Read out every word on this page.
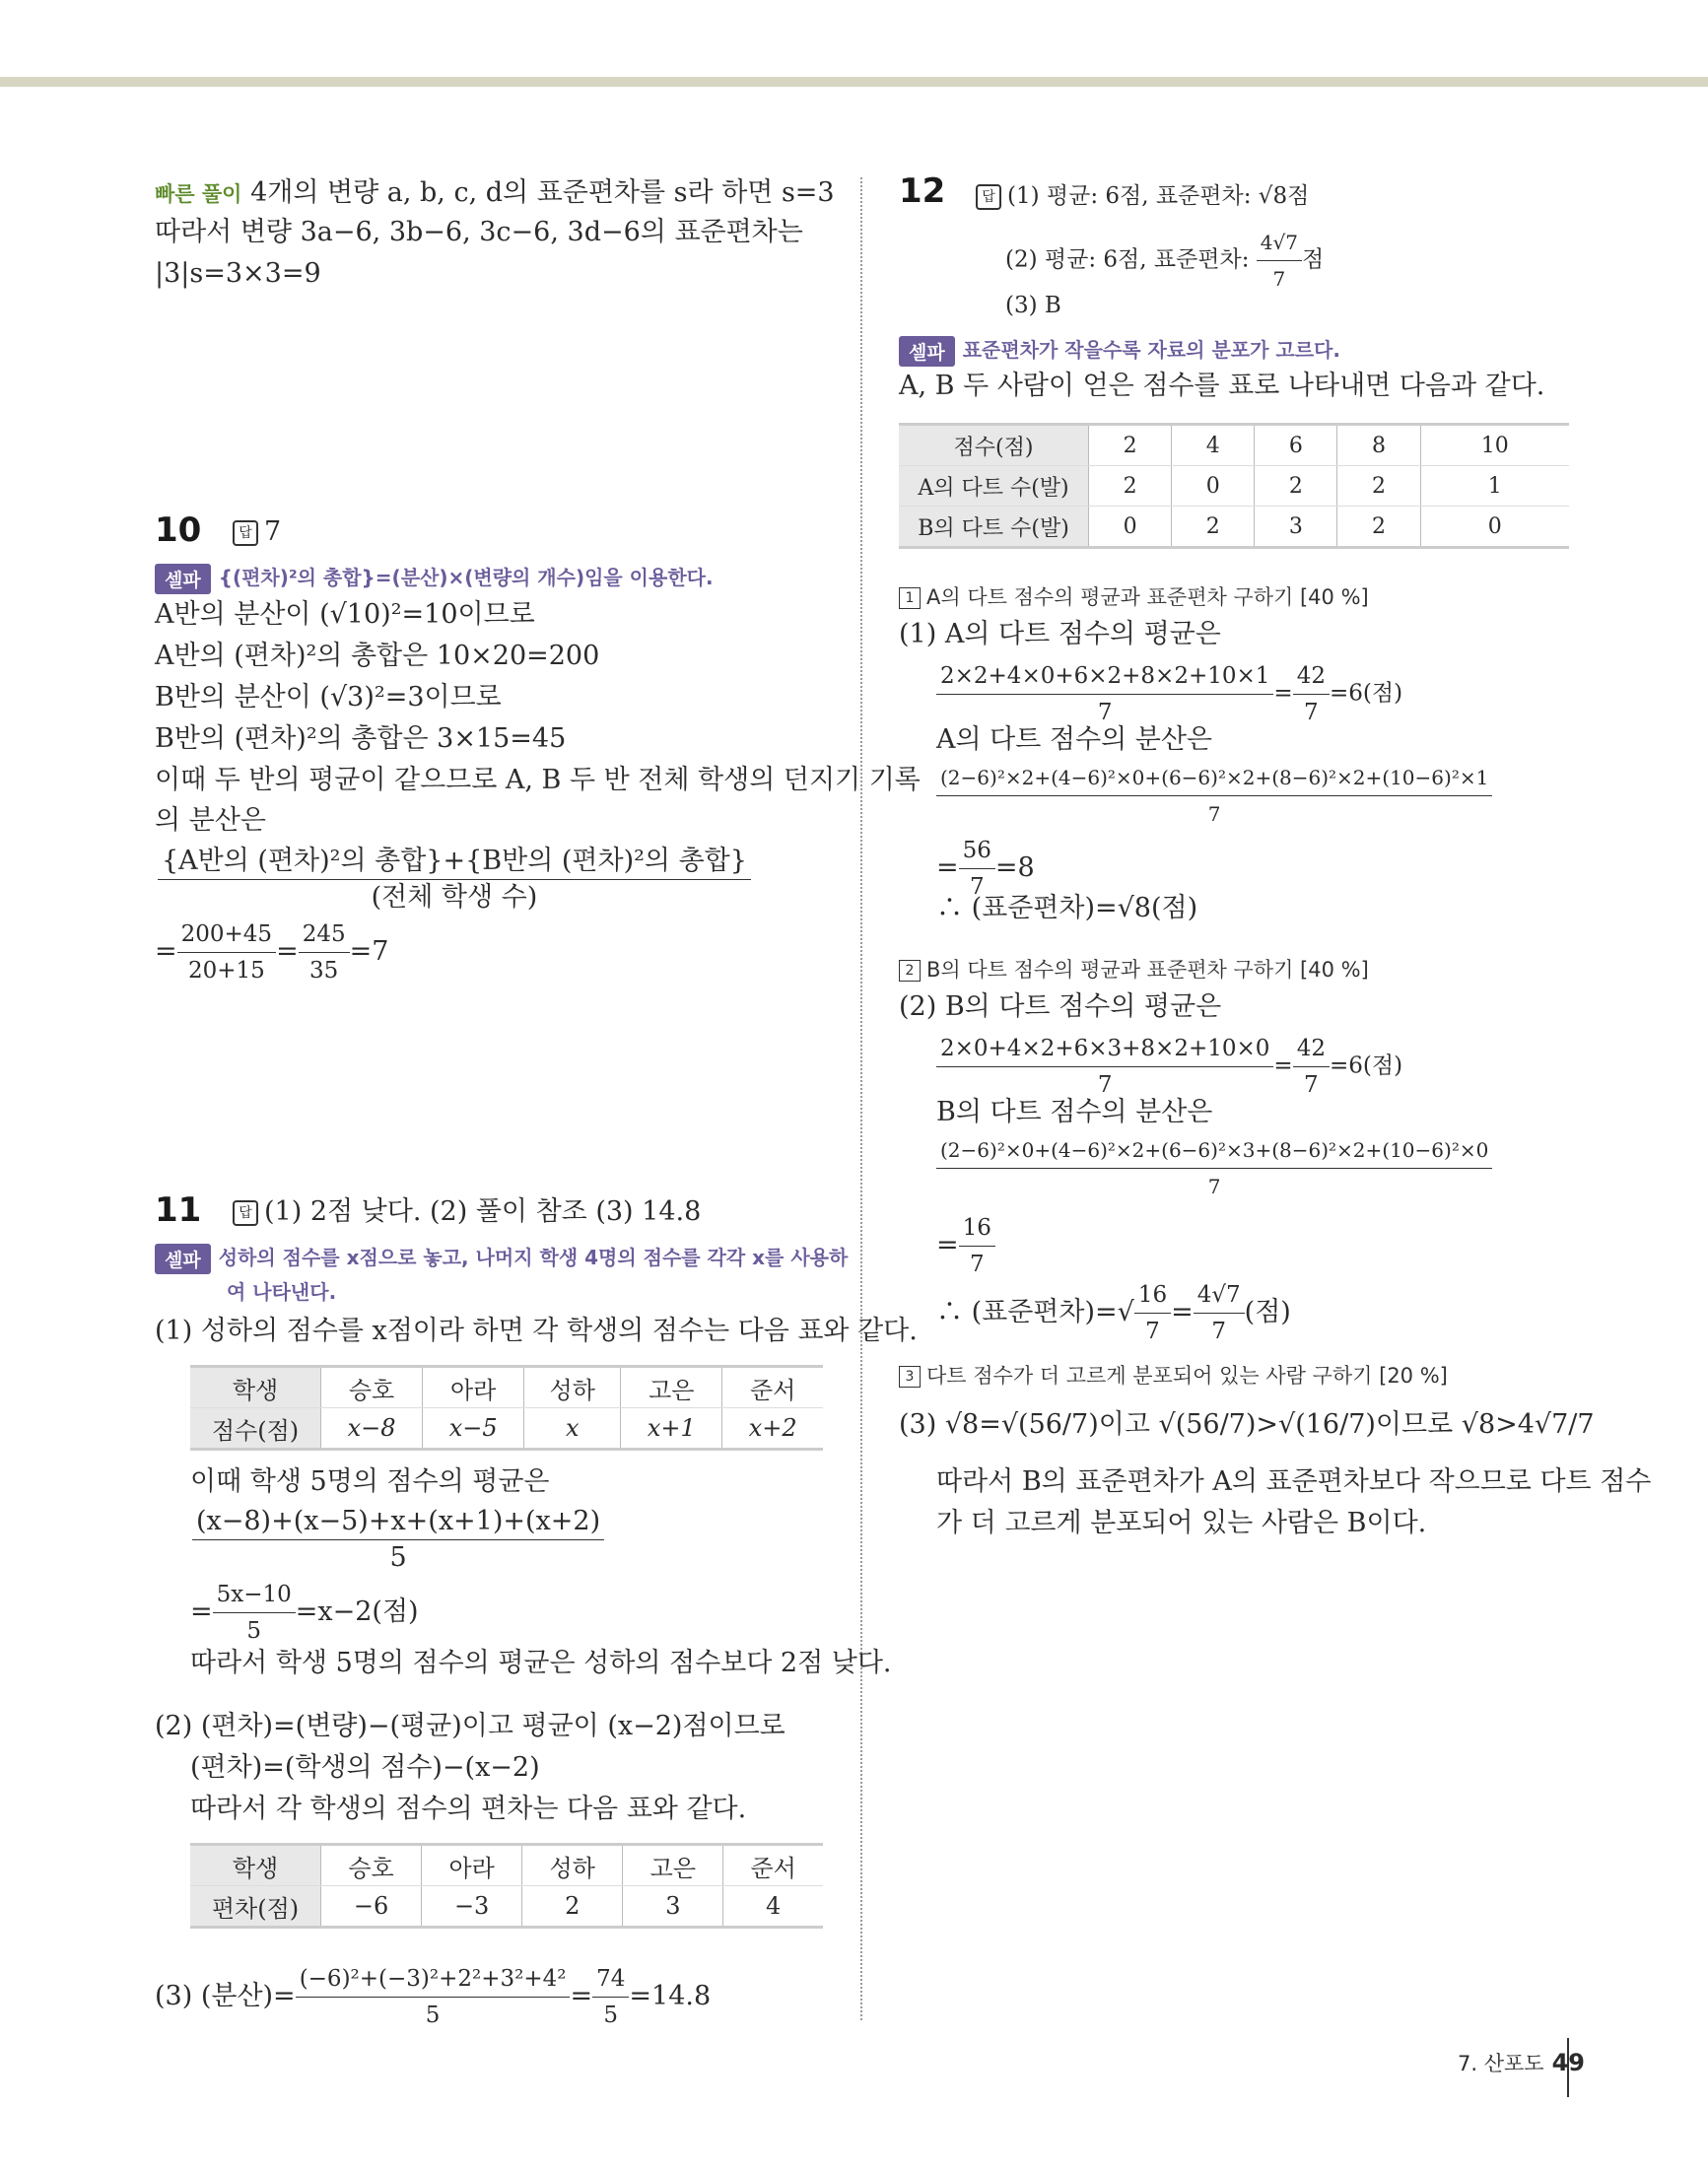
빠른 풀이 4개의 변량 a, b, c, d의 표준편차를 s라 하면 s=3
따라서 변량 3a−6, 3b−6, 3c−6, 3d−6의 표준편차는
|3|s=3×3=9
10	답 7
셀파 {(편차)²의 총합}=(분산)×(변량의 개수)임을 이용한다.
A반의 분산이 (√10)²=10이므로
A반의 (편차)²의 총합은 10×20=200
B반의 분산이 (√3)²=3이므로
B반의 (편차)²의 총합은 3×15=45
이때 두 반의 평균이 같으므로 A, B 두 반 전체 학생의 던지기 기록
의 분산은
$\frac{\text{\{A반의 (편차)²의 총합\}+\{B반의 (편차)²의 총합\}}}{\text{(전체 학생 수)}}$
= $\frac{200+45}{20+15} = \frac{245}{35} =7$
11	답 (1) 2점 낮다. (2) 풀이 참조 (3) 14.8
셀파 성하의 점수를 x점으로 놓고, 나머지 학생 4명의 점수를 각각 x를 사용하
여 나타낸다.
(1) 성하의 점수를 x점이라 하면 각 학생의 점수는 다음 표와 같다.
학생	승호	아라	성하	고은	준서
점수(점)	x−8	x−5	x	x+1	x+2
이때 학생 5명의 점수의 평균은
$\frac{(x-8)+(x-5)+x+(x+1)+(x+2)}{5}$
= $\frac{5x-10}{5} =x-2$(점)
따라서 학생 5명의 점수의 평균은 성하의 점수보다 2점 낮다.
(2) (편차)=(변량)−(평균)이고 평균이 (x−2)점이므로
(편차)=(학생의 점수)−(x−2)
따라서 각 학생의 점수의 편차는 다음 표와 같다.
학생	승호	아라	성하	고은	준서
편차(점)	−6	−3	2	3	4
(3) (분산)= $\frac{\text{(−6)²+(−3)²+2²+3²+4²}}{5} = \frac{74}{5} =14.8$
12	답 (1) 평균: 6점, 표준편차: √8점
(2) 평균: 6점, 표준편차: $\frac{4√7}{7}$ 점
(3) B
셀파 표준편차가 작을수록 자료의 분포가 고르다.
A, B 두 사람이 얻은 점수를 표로 나타내면 다음과 같다.
점수(점)	2	4	6	8	10
A의 다트 수(발)	2	0	2	2	1
B의 다트 수(발)	0	2	3	2	0
1 A의 다트 점수의 평균과 표준편차 구하기 [40 %]
(1) A의 다트 점수의 평균은
$\frac{2\times 2+4\times 0+6\times 2+8\times 2+10\times 1}{7} = \frac{42}{7} =6$(점)
A의 다트 점수의 분산은
$\frac{\text{(2−6)²×2+(4−6)²×0+(6−6)²×2+(8−6)²×2+(10−6)²×1}}{7}$
= $\frac{56}{7} =8$
∴ (표준편차)=√8(점)
2 B의 다트 점수의 평균과 표준편차 구하기 [40 %]
(2) B의 다트 점수의 평균은
$\frac{2\times 0+4\times 2+6\times 3+8\times 2+10\times 0}{7} = \frac{42}{7} =6$(점)
B의 다트 점수의 분산은
$\frac{\text{(2−6)²×0+(4−6)²×2+(6−6)²×3+(8−6)²×2+(10−6)²×0}}{7}$
= $\frac{16}{7}$
∴ (표준편차)=√ $\frac{16}{7} = \frac{4√7}{7}$ (점)
3 다트 점수가 더 고르게 분포되어 있는 사람 구하기 [20 %]
(3) √8=√(56/7)이고 √(56/7)>√(16/7)이므로 √8>4√7/7
따라서 B의 표준편차가 A의 표준편차보다 작으므로 다트 점수
가 더 고르게 분포되어 있는 사람은 B이다.
7. 산포도 49
